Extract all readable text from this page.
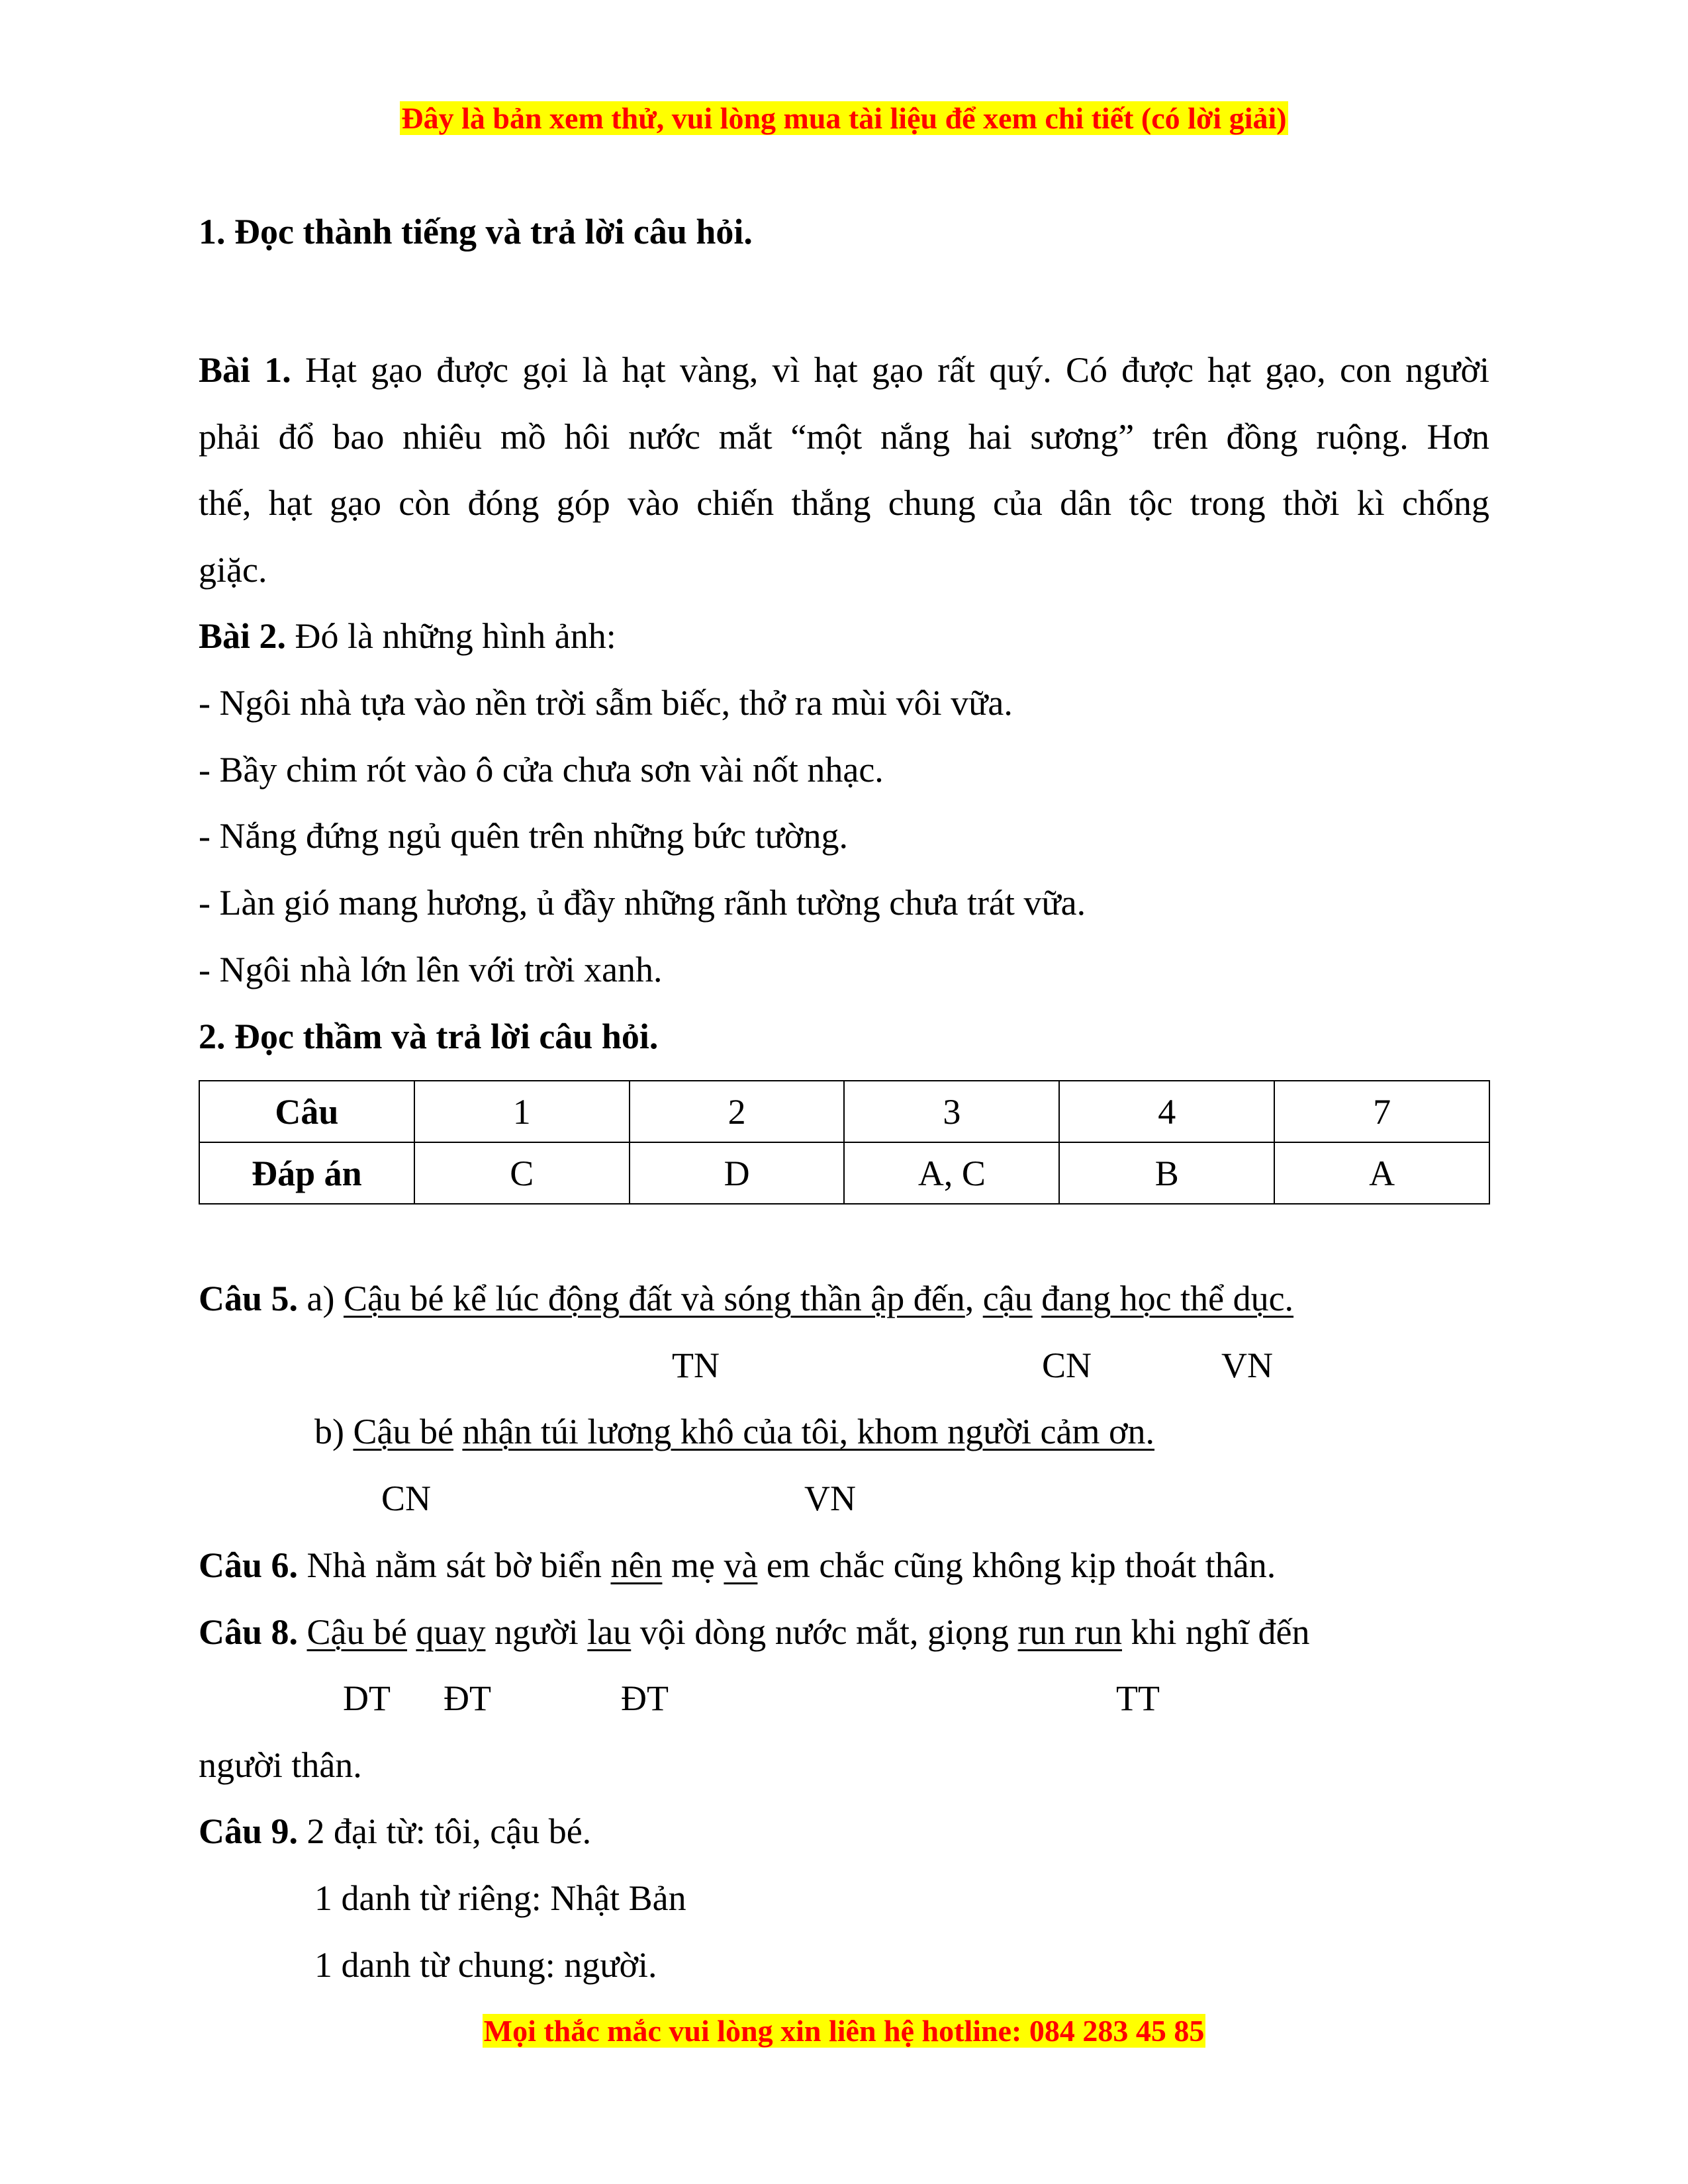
Đây là bản xem thử, vui lòng mua tài liệu để xem chi tiết (có lời giải)
1. Đọc thành tiếng và trả lời câu hỏi.
Bài 1. Hạt gạo được gọi là hạt vàng, vì hạt gạo rất quý. Có được hạt gạo, con người
phải đổ bao nhiêu mồ hôi nước mắt “một nắng hai sương” trên đồng ruộng. Hơn
thế, hạt gạo còn đóng góp vào chiến thắng chung của dân tộc trong thời kì chống
giặc.
Bài 2. Đó là những hình ảnh:
- Ngôi nhà tựa vào nền trời sẫm biếc, thở ra mùi vôi vữa.
- Bầy chim rót vào ô cửa chưa sơn vài nốt nhạc.
- Nắng đứng ngủ quên trên những bức tường.
- Làn gió mang hương, ủ đầy những rãnh tường chưa trát vữa.
- Ngôi nhà lớn lên với trời xanh.
2. Đọc thầm và trả lời câu hỏi.
Câu	1	2	3	4	7
Đáp án	C	D	A, C	B	A
Câu 5. a) Cậu bé kể lúc động đất và sóng thần ập đến, cậu đang học thể dục.
TN	CN	VN
b) Cậu bé nhận túi lương khô của tôi, khom người cảm ơn.
CN	VN
Câu 6. Nhà nằm sát bờ biển nên mẹ và em chắc cũng không kịp thoát thân.
Câu 8. Cậu bé quay người lau vội dòng nước mắt, giọng run run khi nghĩ đến
DT ĐT	ĐT	TT
người thân.
Câu 9. 2 đại từ: tôi, cậu bé.
1 danh từ riêng: Nhật Bản
1 danh từ chung: người.
Mọi thắc mắc vui lòng xin liên hệ hotline: 084 283 45 85
